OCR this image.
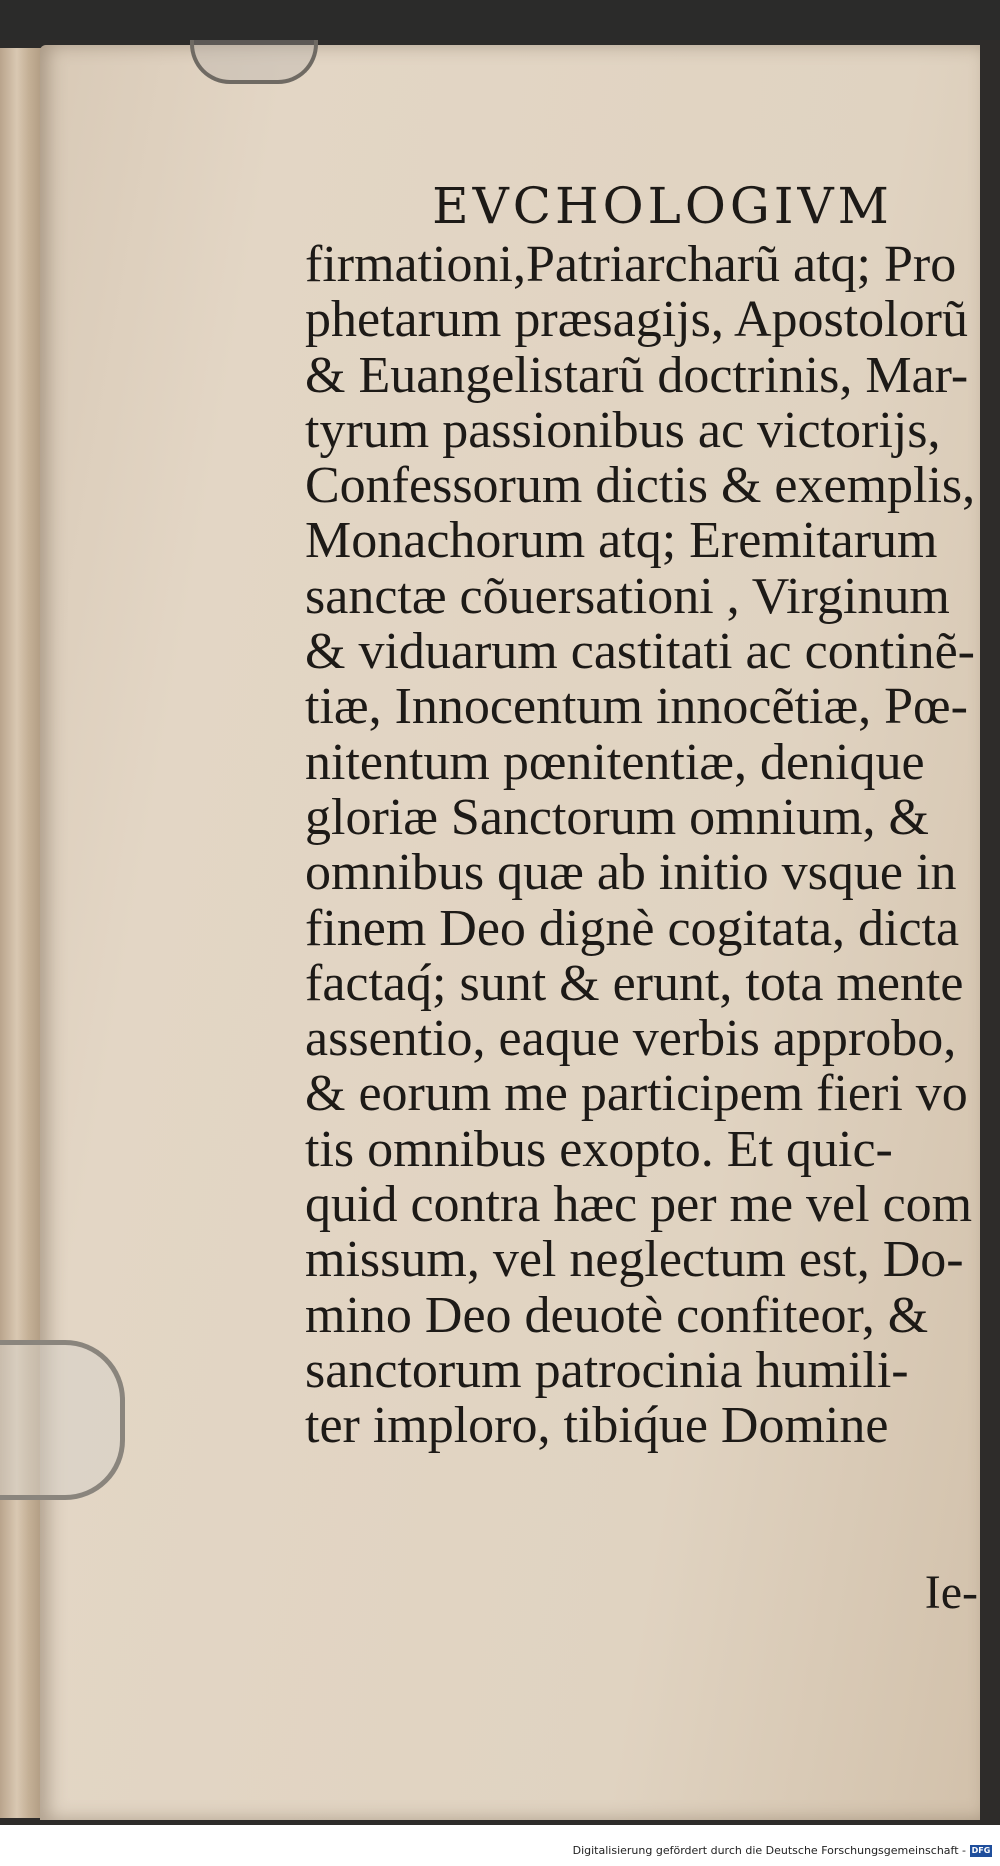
EVCHOLOGIVM
firmationi,Patriarcharũ atq; Pro
phetarum præsagijs, Apostolorũ
& Euangelistarũ doctrinis, Mar-
tyrum passionibus ac victorijs,
Confessorum dictis & exemplis,
Monachorum atq; Eremitarum
sanctæ cõuersationi , Virginum
& viduarum castitati ac continẽ-
tiæ, Innocentum innocẽtiæ, Pœ-
nitentum pœnitentiæ, denique
gloriæ Sanctorum omnium, &
omnibus quæ ab initio vsque in
finem Deo dignè cogitata, dicta
factaq́; sunt & erunt, tota mente
assentio, eaque verbis approbo,
& eorum me participem fieri vo
tis omnibus exopto. Et quic-
quid contra hæc per me vel com
missum, vel neglectum est, Do-
mino Deo deuotè confiteor, &
sanctorum patrocinia humili-
ter imploro, tibiq́ue Domine
Ie-
Digitalisierung gefördert durch die Deutsche Forschungsgemeinschaft - DFG
